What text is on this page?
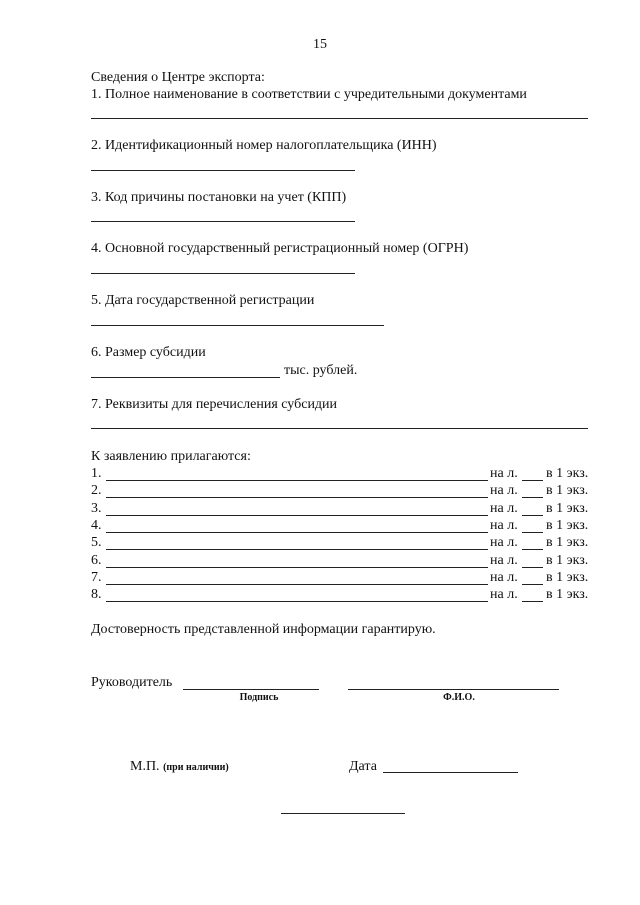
15
Сведения о Центре экспорта:
1. Полное наименование в соответствии с учредительными документами
2. Идентификационный номер налогоплательщика (ИНН)
3. Код причины постановки на учет (КПП)
4. Основной государственный регистрационный номер (ОГРН)
5. Дата государственной регистрации
6. Размер субсидии
тыс. рублей.
7. Реквизиты для перечисления субсидии
К заявлению прилагаются:
1.	на л. в 1 экз.
2.	на л. в 1 экз.
3.	на л. в 1 экз.
4.	на л. в 1 экз.
5.	на л. в 1 экз.
6.	на л. в 1 экз.
7.	на л. в 1 экз.
8.	на л. в 1 экз.
Достоверность представленной информации гарантирую.
Руководитель
Подпись	Ф.И.О.
М.П. (при наличии)	Дата
